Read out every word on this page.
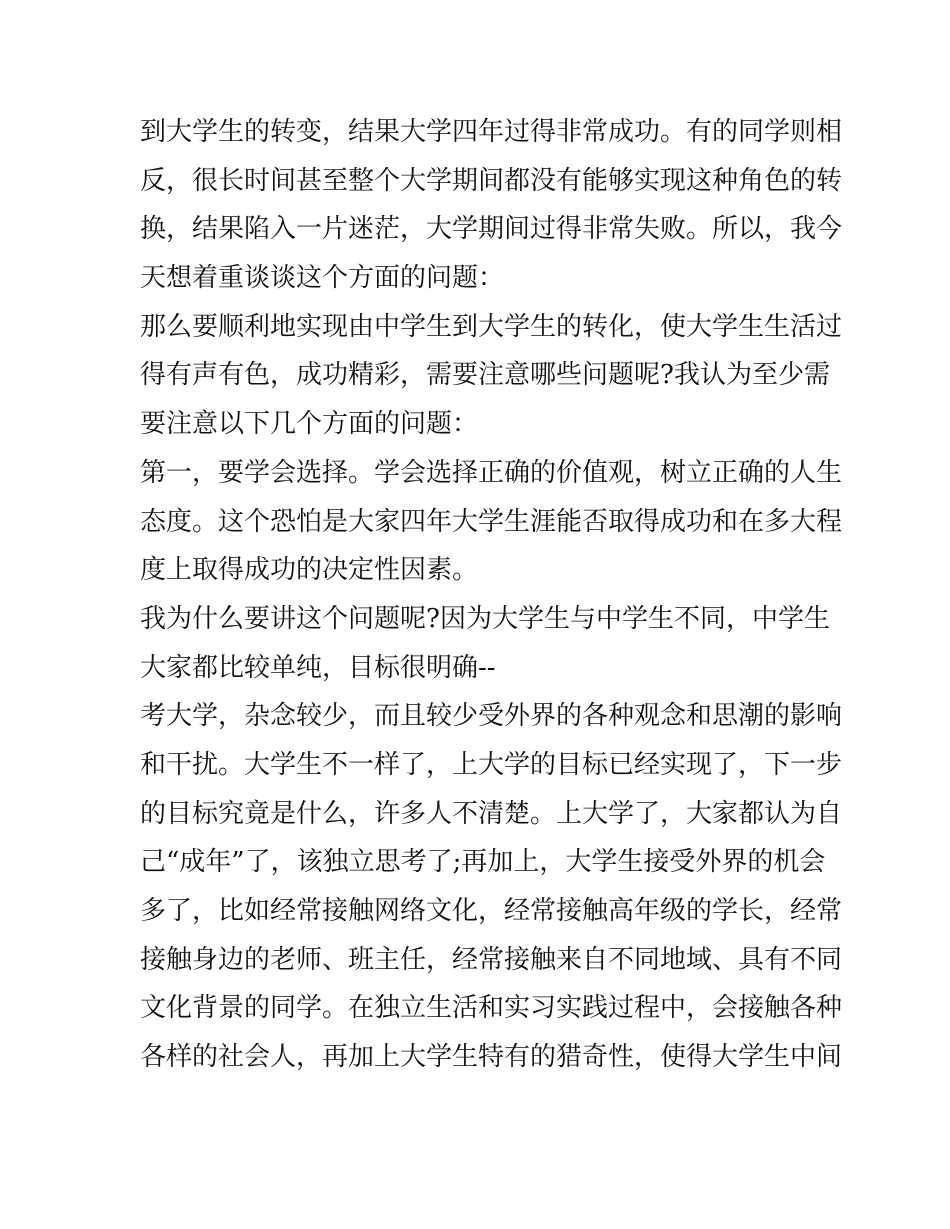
到大学生的转变，结果大学四年过得非常成功。有的同学则相
反，很长时间甚至整个大学期间都没有能够实现这种角色的转
换，结果陷入一片迷茫，大学期间过得非常失败。所以，我今
天想着重谈谈这个方面的问题：
那么要顺利地实现由中学生到大学生的转化，使大学生生活过
得有声有色，成功精彩，需要注意哪些问题呢?我认为至少需
要注意以下几个方面的问题：
第一，要学会选择。学会选择正确的价值观，树立正确的人生
态度。这个恐怕是大家四年大学生涯能否取得成功和在多大程
度上取得成功的决定性因素。
我为什么要讲这个问题呢?因为大学生与中学生不同，中学生
大家都比较单纯，目标很明确--
考大学，杂念较少，而且较少受外界的各种观念和思潮的影响
和干扰。大学生不一样了，上大学的目标已经实现了，下一步
的目标究竟是什么，许多人不清楚。上大学了，大家都认为自
己“成年”了，该独立思考了;再加上，大学生接受外界的机会
多了，比如经常接触网络文化，经常接触高年级的学长，经常
接触身边的老师、班主任，经常接触来自不同地域、具有不同
文化背景的同学。在独立生活和实习实践过程中，会接触各种
各样的社会人，再加上大学生特有的猎奇性，使得大学生中间
